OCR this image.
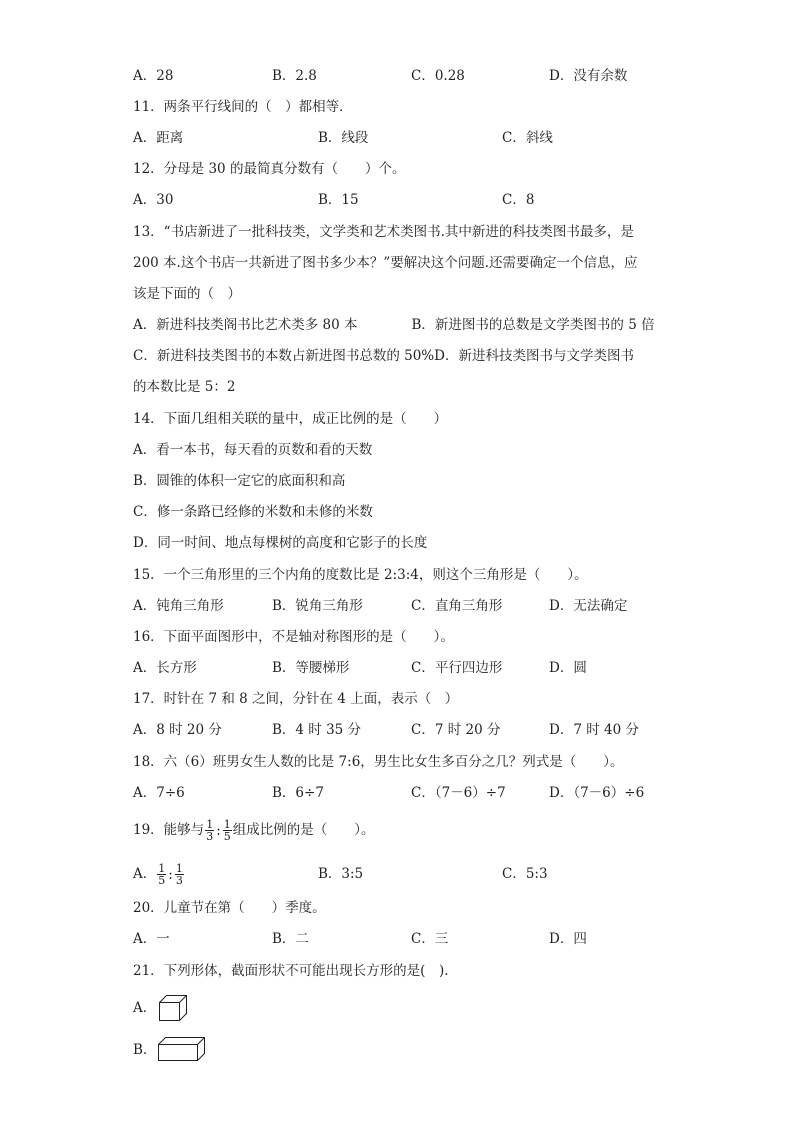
A．28	B．2.8	C．0.28	D．没有余数
11．两条平行线间的（　）都相等．
A．距离	B．线段	C．斜线
12．分母是 30 的最简真分数有（　　）个。
A．30	B．15	C．8
13．“书店新进了一批科技类，文学类和艺术类图书.其中新进的科技类图书最多，是
200 本.这个书店一共新进了图书多少本？”要解决这个问题.还需要确定一个信息，应
该是下面的（　）
A．新进科技类阁书比艺术类多 80 本　　　　B．新进图书的总数是文学类图书的 5 倍
C．新进科技类图书的本数占新进图书总数的 50%D．新进科技类图书与文学类图书
的本数比是 5：2
14．下面几组相关联的量中，成正比例的是（　　）
A．看一本书，每天看的页数和看的天数
B．圆锥的体积一定它的底面积和高
C．修一条路已经修的米数和未修的米数
D．同一时间、地点每棵树的高度和它影子的长度
15．一个三角形里的三个内角的度数比是 2:3:4，则这个三角形是（　　）。
A．钝角三角形	B．锐角三角形	C．直角三角形	D．无法确定
16．下面平面图形中，不是轴对称图形的是（　　）。
A．长方形	B．等腰梯形	C．平行四边形	D．圆
17．时针在 7 和 8 之间，分针在 4 上面，表示（　）
A．8 时 20 分	B．4 时 35 分	C．7 时 20 分	D．7 时 40 分
18．六（6）班男女生人数的比是 7:6，男生比女生多百分之几？列式是（　　）。
A．7÷6	B．6÷7	C．（7－6）÷7	D．（7－6）÷6
19．能够与 $\frac{1}{3}$ : $\frac{1}{5}$ 组成比例的是（　　）。
A． $\frac{1}{5}$ : $\frac{1}{3}$	B．3:5	C．5:3
20．儿童节在第（　　）季度。
A．一	B．二	C．三	D．四
21．下列形体，截面形状不可能出现长方形的是(　).
A．
B．
